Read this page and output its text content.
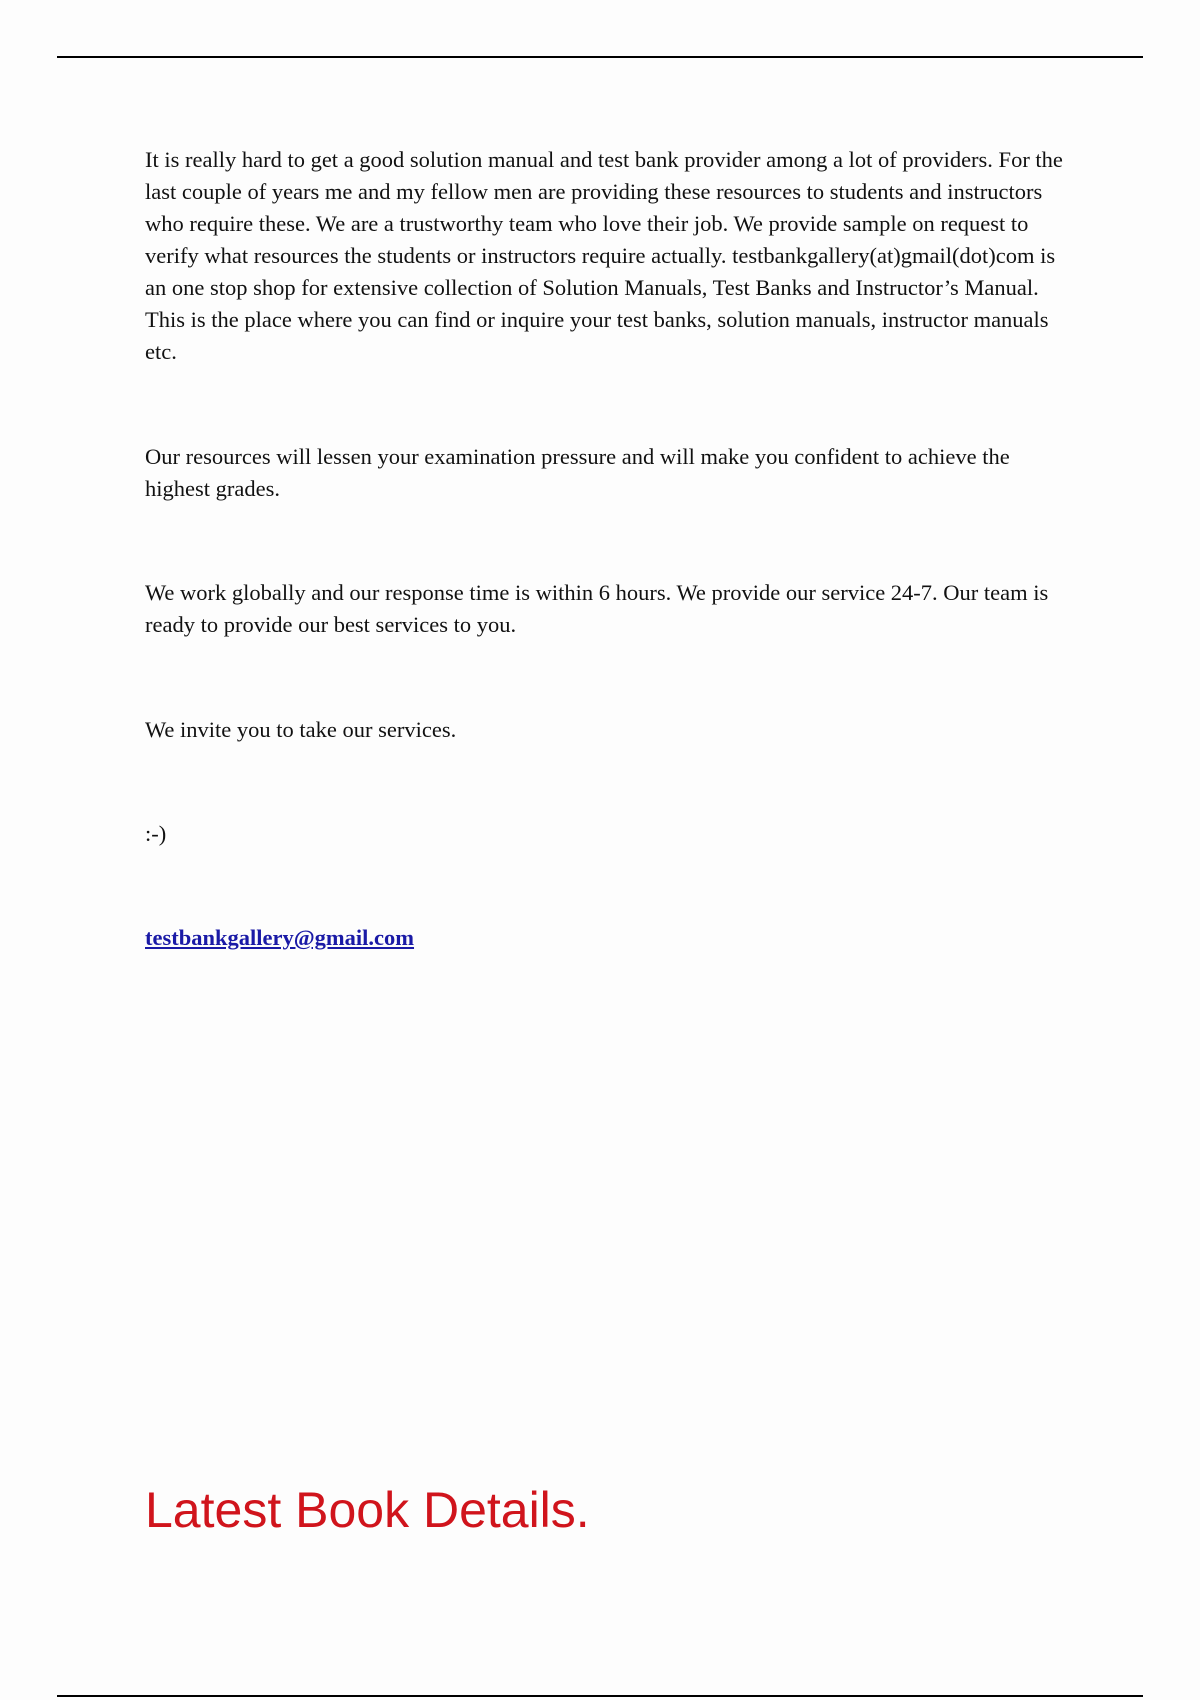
It is really hard to get a good solution manual and test bank provider among a lot of providers. For the last couple of years me and my fellow men are providing these resources to students and instructors who require these. We are a trustworthy team who love their job. We provide sample on request to verify what resources the students or instructors require actually. testbankgallery(at)gmail(dot)com is an one stop shop for extensive collection of Solution Manuals, Test Banks and Instructor’s Manual. This is the place where you can find or inquire your test banks, solution manuals, instructor manuals etc.

Our resources will lessen your examination pressure and will make you confident to achieve the highest grades.

We work globally and our response time is within 6 hours. We provide our service 24-7. Our team is ready to provide our best services to you.

We invite you to take our services.

:-)

testbankgallery@gmail.com
Latest Book Details.
